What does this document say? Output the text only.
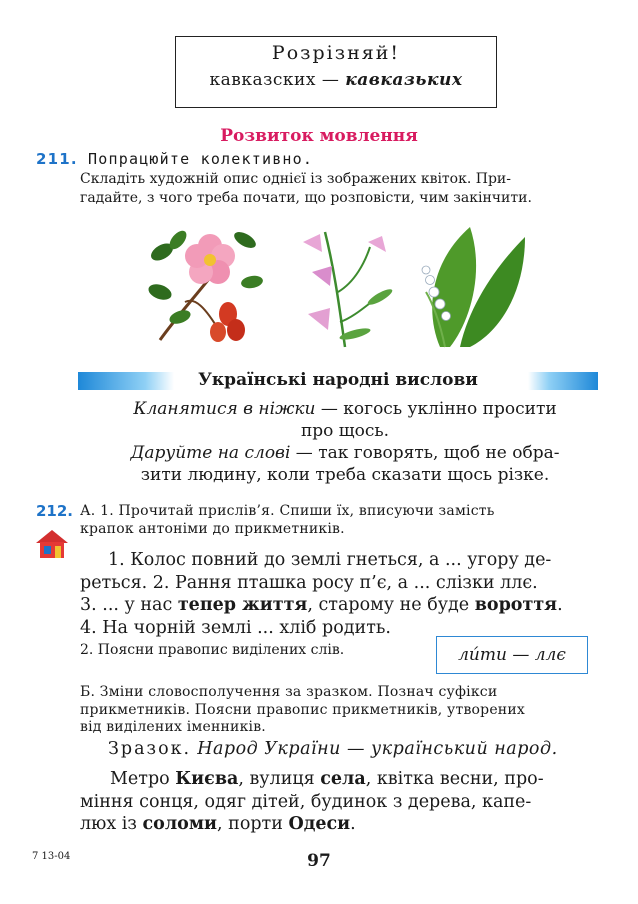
Розрізняй!
кавказских — кавказьких
Розвиток мовлення
211. Попрацюйте колективно.
Складіть художній опис однієї із зображених квіток. При-
гадайте, з чого треба почати, що розповісти, чим закінчити.
Українські народні вислови
Кланятися в ніжки — когось уклінно просити
про щось.
Даруйте на слові — так говорять, щоб не обра-
зити людину, коли треба сказати щось різке.
212. А. 1. Прочитай прислів’я. Спиши їх, вписуючи замість
крапок антоніми до прикметників.
1. Колос повний до землі гнеться, а ... угору де-
реться. 2. Рання пташка росу п’є, а ... слізки ллє.
3. ... у нас тепер життя, старому не буде вороття.
4. На чорній землі ... хліб родить.
2. Поясни правопис виділених слів.	ли́ти — ллє
Б. Зміни словосполучення за зразком. Познач суфікси
прикметників. Поясни правопис прикметників, утворених
від виділених іменників.
Зразок. Народ України — український народ.
Метро Києва, вулиця села, квітка весни, про-
міння сонця, одяг дітей, будинок з дерева, капе-
люх із соломи, порти Одеси.
7 13-04	97
